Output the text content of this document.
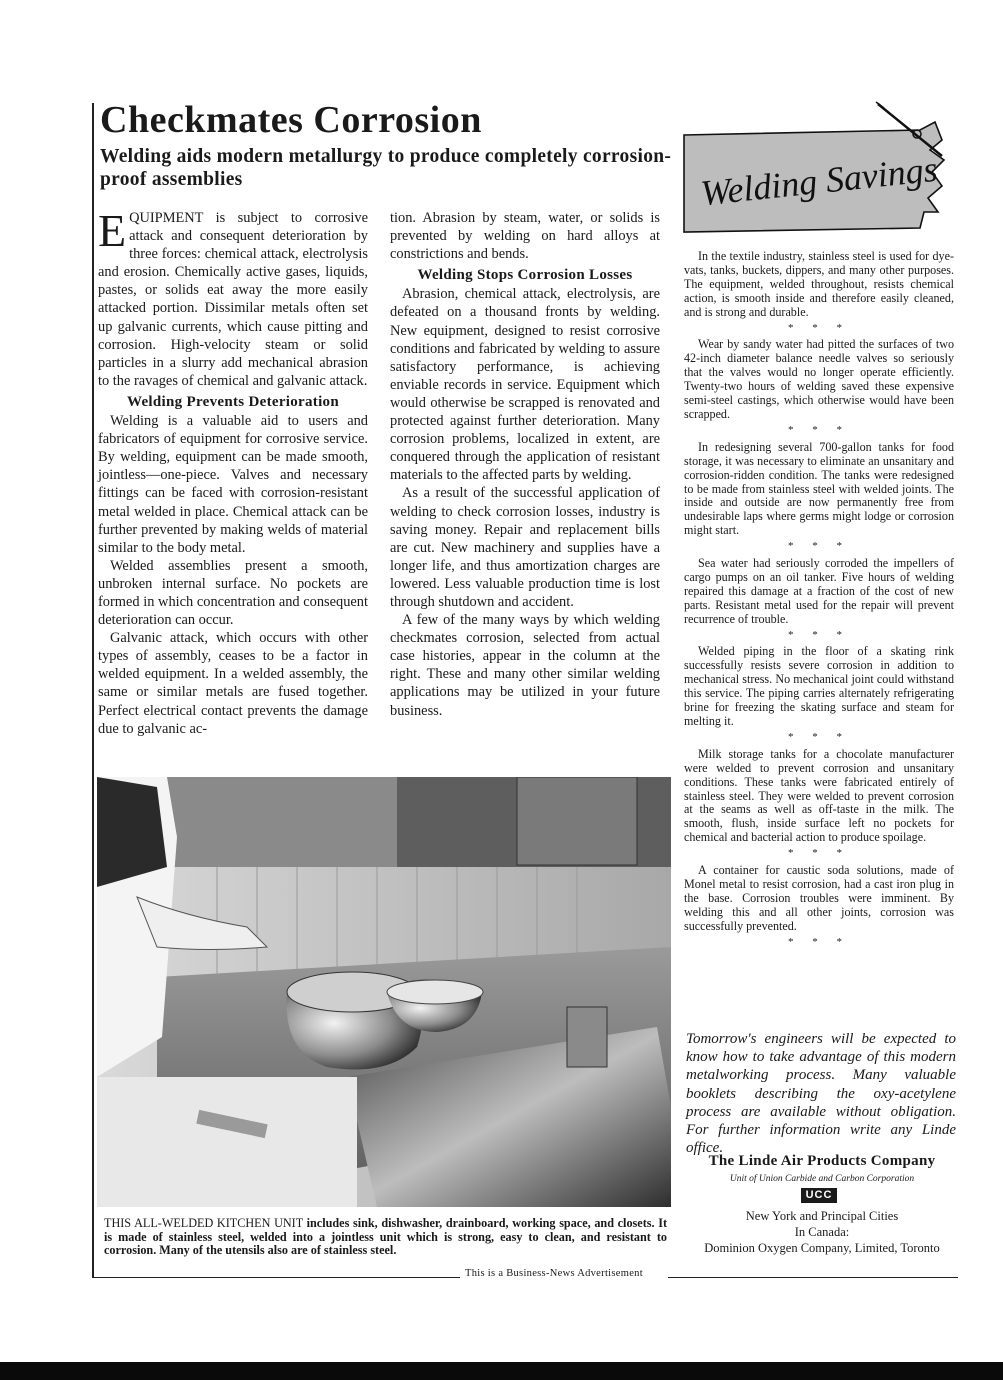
This is a Business-News Advertisement
Checkmates Corrosion
Welding aids modern metallurgy to produce completely corrosion-proof assemblies	Welding Savings

EQUIPMENT is subject to corrosive attack and consequent deterioration by three forces: chemical attack, electrolysis and erosion. Chemically active gases, liquids, pastes, or solids eat away the more easily attacked portion. Dissimilar metals often set up galvanic currents, which cause pitting and corrosion. High-velocity steam or solid particles in a slurry add mechanical abrasion to the ravages of chemical and galvanic attack.

Welding Prevents Deterioration

Welding is a valuable aid to users and fabricators of equipment for corrosive service. By welding, equipment can be made smooth, jointless—one-piece. Valves and necessary fittings can be faced with corrosion-resistant metal welded in place. Chemical attack can be further prevented by making welds of material similar to the body metal.

Welded assemblies present a smooth, unbroken internal surface. No pockets are formed in which concentration and consequent deterioration can occur.

Galvanic attack, which occurs with other types of assembly, ceases to be a factor in welded equipment. In a welded assembly, the same or similar metals are fused together. Perfect electrical contact prevents the damage due to galvanic ac-

tion. Abrasion by steam, water, or solids is prevented by welding on hard alloys at constrictions and bends.

Welding Stops Corrosion Losses

Abrasion, chemical attack, electrolysis, are defeated on a thousand fronts by welding. New equipment, designed to resist corrosive conditions and fabricated by welding to assure satisfactory performance, is achieving enviable records in service. Equipment which would otherwise be scrapped is renovated and protected against further deterioration. Many corrosion problems, localized in extent, are conquered through the application of resistant materials to the affected parts by welding.

As a result of the successful application of welding to check corrosion losses, industry is saving money. Repair and replacement bills are cut. New machinery and supplies have a longer life, and thus amortization charges are lowered. Less valuable production time is lost through shutdown and accident.

A few of the many ways by which welding checkmates corrosion, selected from actual case histories, appear in the column at the right. These and many other similar welding applications may be utilized in your future business.

In the textile industry, stainless steel is used for dye-vats, tanks, buckets, dippers, and many other purposes. The equipment, welded throughout, resists chemical action, is smooth inside and therefore easily cleaned, and is strong and durable.

* * *

Wear by sandy water had pitted the surfaces of two 42-inch diameter balance needle valves so seriously that the valves would no longer operate efficiently. Twenty-two hours of welding saved these expensive semi-steel castings, which otherwise would have been scrapped.

* * *

In redesigning several 700-gallon tanks for food storage, it was necessary to eliminate an unsanitary and corrosion-ridden condition. The tanks were redesigned to be made from stainless steel with welded joints. The inside and outside are now permanently free from undesirable laps where germs might lodge or corrosion might start.

* * *

Sea water had seriously corroded the impellers of cargo pumps on an oil tanker. Five hours of welding repaired this damage at a fraction of the cost of new parts. Resistant metal used for the repair will prevent recurrence of trouble.

* * *

Welded piping in the floor of a skating rink successfully resists severe corrosion in addition to mechanical stress. No mechanical joint could withstand this service. The piping carries alternately refrigerating brine for freezing the skating surface and steam for melting it.

* * *

Milk storage tanks for a chocolate manufacturer were welded to prevent corrosion and unsanitary conditions. These tanks were fabricated entirely of stainless steel. They were welded to prevent corrosion at the seams as well as off-taste in the milk. The smooth, flush, inside surface left no pockets for chemical and bacterial action to produce spoilage.

* * *

A container for caustic soda solutions, made of Monel metal to resist corrosion, had a cast iron plug in the base. Corrosion troubles were imminent. By welding this and all other joints, corrosion was successfully prevented.

* * *
Tomorrow's engineers will be expected to know how to take advantage of this modern metalworking process. Many valuable booklets describing the oxy-acetylene process are available without obligation. For further information write any Linde office.
The Linde Air Products Company
Unit of Union Carbide and Carbon Corporation
UCC
New York and Principal Cities
In Canada:
Dominion Oxygen Company, Limited, Toronto
THIS ALL-WELDED KITCHEN UNIT includes sink, dishwasher, drainboard, working space, and closets. It is made of stainless steel, welded into a jointless unit which is strong, easy to clean, and resistant to corrosion. Many of the utensils also are of stainless steel.
